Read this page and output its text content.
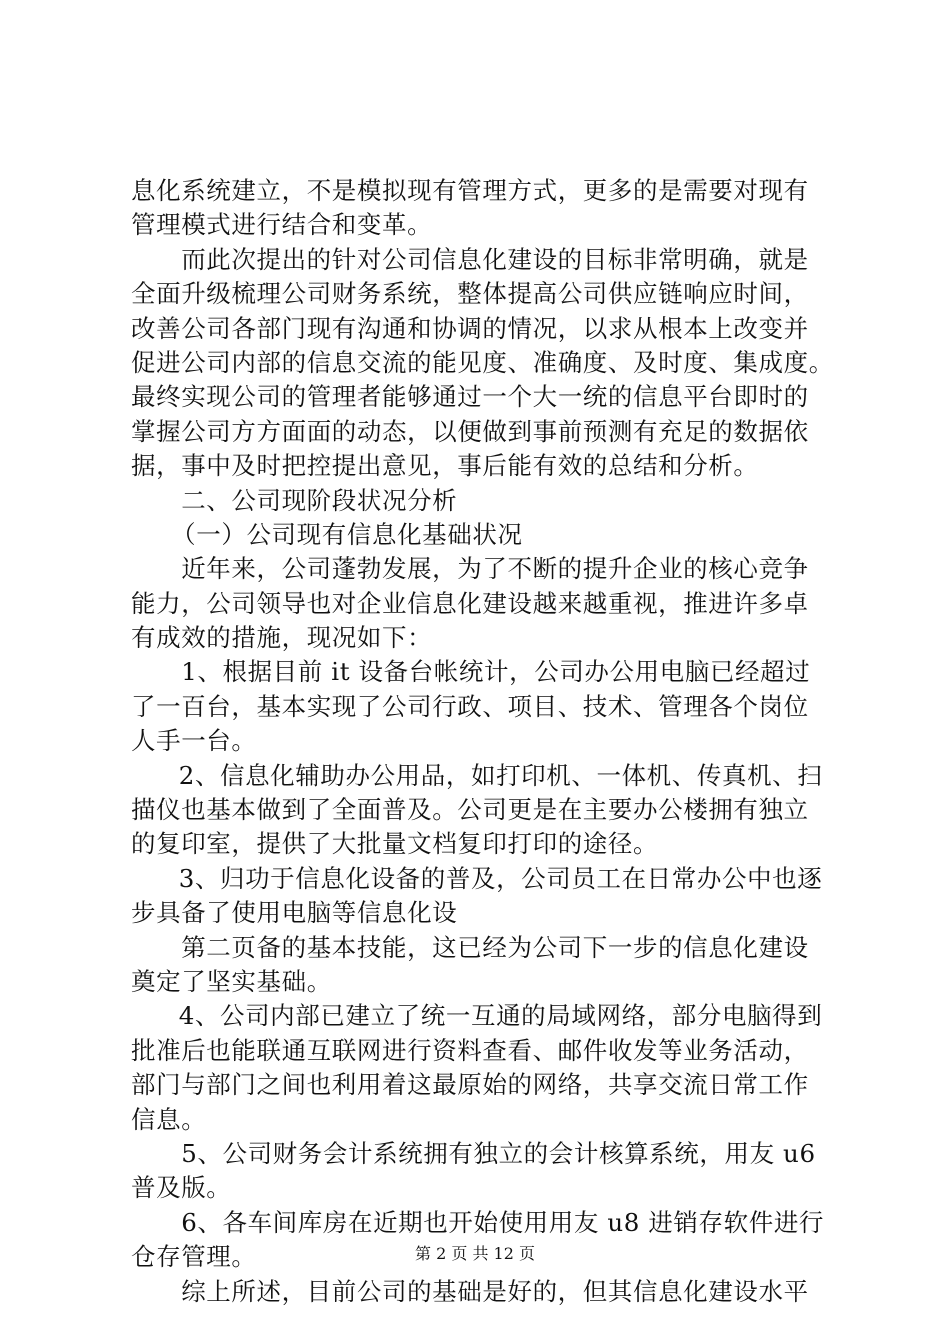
息化系统建立，不是模拟现有管理方式，更多的是需要对现有
管理模式进行结合和变革。
而此次提出的针对公司信息化建设的目标非常明确，就是
全面升级梳理公司财务系统，整体提高公司供应链响应时间，
改善公司各部门现有沟通和协调的情况，以求从根本上改变并
促进公司内部的信息交流的能见度、准确度、及时度、集成度。
最终实现公司的管理者能够通过一个大一统的信息平台即时的
掌握公司方方面面的动态，以便做到事前预测有充足的数据依
据，事中及时把控提出意见，事后能有效的总结和分析。
二、公司现阶段状况分析
（一）公司现有信息化基础状况
近年来，公司蓬勃发展，为了不断的提升企业的核心竞争
能力，公司领导也对企业信息化建设越来越重视，推进许多卓
有成效的措施，现况如下：
1、根据目前 it 设备台帐统计，公司办公用电脑已经超过
了一百台，基本实现了公司行政、项目、技术、管理各个岗位
人手一台。
2、信息化辅助办公用品，如打印机、一体机、传真机、扫
描仪也基本做到了全面普及。公司更是在主要办公楼拥有独立
的复印室，提供了大批量文档复印打印的途径。
3、归功于信息化设备的普及，公司员工在日常办公中也逐
步具备了使用电脑等信息化设
第二页备的基本技能，这已经为公司下一步的信息化建设
奠定了坚实基础。
4、公司内部已建立了统一互通的局域网络，部分电脑得到
批准后也能联通互联网进行资料查看、邮件收发等业务活动，
部门与部门之间也利用着这最原始的网络，共享交流日常工作
信息。
5、公司财务会计系统拥有独立的会计核算系统，用友 u6
普及版。
6、各车间库房在近期也开始使用用友 u8 进销存软件进行
仓存管理。
综上所述，目前公司的基础是好的，但其信息化建设水平
第 2 页 共 12 页
